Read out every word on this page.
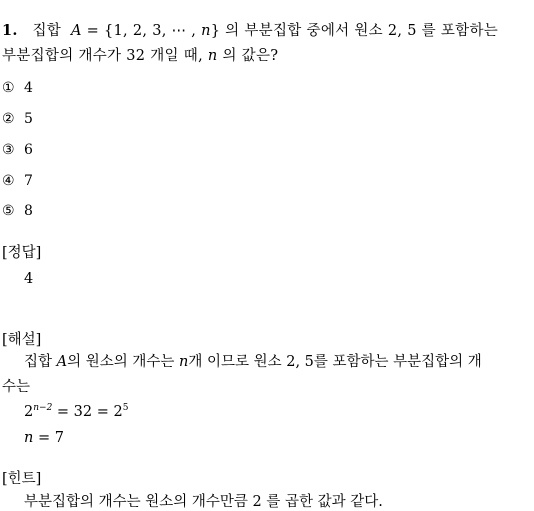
1. 집합 A = {1, 2, 3, ⋯ , n} 의 부분집합 중에서 원소 2, 5 를 포함하는
부분집합의 개수가 32 개일 때, n 의 값은?
① 4
② 5
③ 6
④ 7
⑤ 8
[정답]
4
[해설]
집합 A의 원소의 개수는 n개 이므로 원소 2, 5를 포함하는 부분집합의 개
수는
$2^{n-2} = 32 = 2^5$
n = 7
[힌트]
부분집합의 개수는 원소의 개수만큼 2 를 곱한 값과 같다.
